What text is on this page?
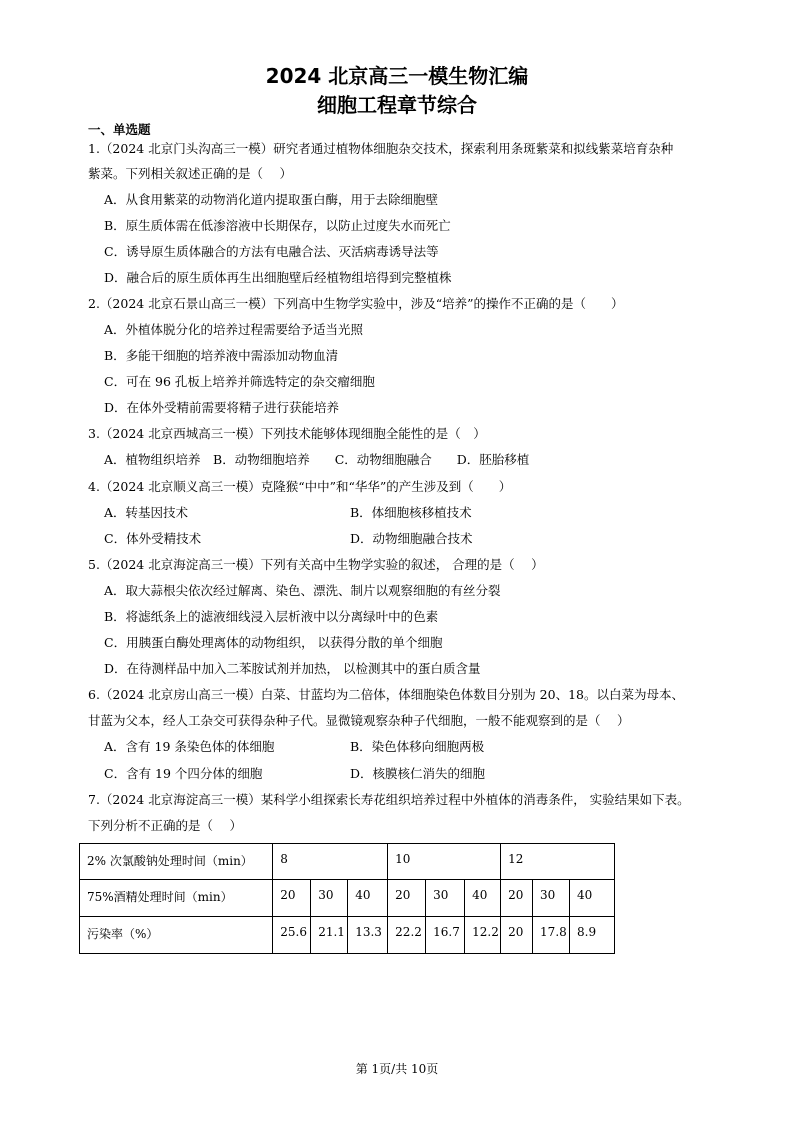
2024 北京高三一模生物汇编
细胞工程章节综合
一、单选题
1.（2024 北京门头沟高三一模）研究者通过植物体细胞杂交技术，探索利用条斑紫菜和拟线紫菜培育杂种
紫菜。下列相关叙述正确的是（　 ）
A．从食用紫菜的动物消化道内提取蛋白酶，用于去除细胞壁
B．原生质体需在低渗溶液中长期保存，以防止过度失水而死亡
C．诱导原生质体融合的方法有电融合法、灭活病毒诱导法等
D．融合后的原生质体再生出细胞壁后经植物组培得到完整植株
2.（2024 北京石景山高三一模）下列高中生物学实验中，涉及“培养”的操作不正确的是（　　）
A．外植体脱分化的培养过程需要给予适当光照
B．多能干细胞的培养液中需添加动物血清
C．可在 96 孔板上培养并筛选特定的杂交瘤细胞
D．在体外受精前需要将精子进行获能培养
3.（2024 北京西城高三一模）下列技术能够体现细胞全能性的是（　）
A．植物组织培养　B．动物细胞培养　　C．动物细胞融合　　D．胚胎移植
4.（2024 北京顺义高三一模）克隆猴“中中”和“华华”的产生涉及到（　　）
A．转基因技术	B．体细胞核移植技术
C．体外受精技术	D．动物细胞融合技术
5.（2024 北京海淀高三一模）下列有关高中生物学实验的叙述， 合理的是（　 ）
A．取大蒜根尖依次经过解离、染色、漂洗、制片以观察细胞的有丝分裂
B．将滤纸条上的滤液细线浸入层析液中以分离绿叶中的色素
C．用胰蛋白酶处理离体的动物组织， 以获得分散的单个细胞
D．在待测样品中加入二苯胺试剂并加热， 以检测其中的蛋白质含量
6.（2024 北京房山高三一模）白菜、甘蓝均为二倍体，体细胞染色体数目分别为 20、18。以白菜为母本、
甘蓝为父本，经人工杂交可获得杂种子代。显微镜观察杂种子代细胞，一般不能观察到的是（　 ）
A．含有 19 条染色体的体细胞	B．染色体移向细胞两极
C．含有 19 个四分体的细胞	D．核膜核仁消失的细胞
7.（2024 北京海淀高三一模）某科学小组探索长寿花组织培养过程中外植体的消毒条件， 实验结果如下表。
下列分析不正确的是（　 ）
2% 次氯酸钠处理时间（min）	8			10			12		
75%酒精处理时间（min）	20	30	40	20	30	40	20	30	40
污染率（%）	25.6	21.1	13.3	22.2	16.7	12.2	20	17.8	8.9
第 1页/共 10页
